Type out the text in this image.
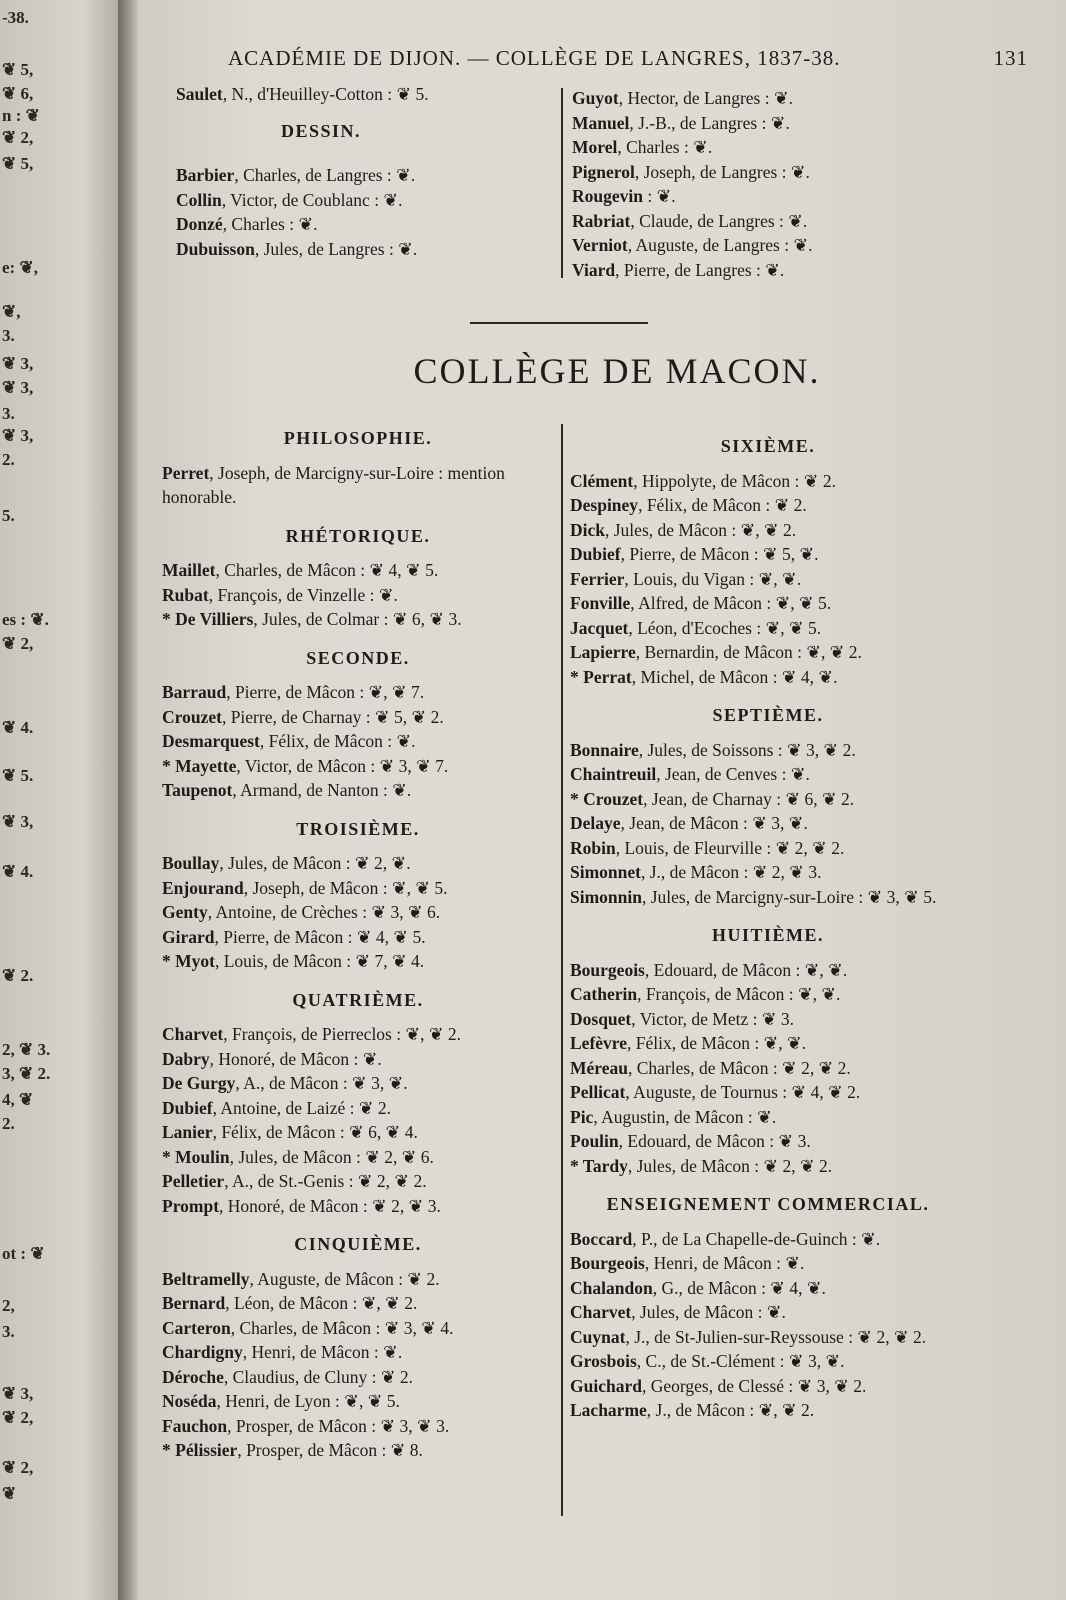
-38.
❦ 5,
❦ 6,
n : ❦
❦ 2,
❦ 5,
e: ❦,
❦,
3.
❦ 3,
❦ 3,
3.
❦ 3,
2.
5.
es : ❦.
❦ 2,
❦ 4.
❦ 5.
❦ 3,
❦ 4.
❦ 2.
2, ❦ 3.
3, ❦ 2.
4, ❦
2.
ot : ❦
2,
3.
❦ 3,
❦ 2,
❦ 2,
❦
ACADÉMIE DE DIJON. — COLLÈGE DE LANGRES, 1837-38.	131
Saulet, N., d'Heuilley-Cotton : ❦ 5.
DESSIN.
Barbier, Charles, de Langres : ❦.
Collin, Victor, de Coublanc : ❦.
Donzé, Charles : ❦.
Dubuisson, Jules, de Langres : ❦.
Guyot, Hector, de Langres : ❦.
Manuel, J.-B., de Langres : ❦.
Morel, Charles : ❦.
Pignerol, Joseph, de Langres : ❦.
Rougevin : ❦.
Rabriat, Claude, de Langres : ❦.
Verniot, Auguste, de Langres : ❦.
Viard, Pierre, de Langres : ❦.
COLLÈGE DE MACON.
PHILOSOPHIE.
Perret, Joseph, de Marcigny-sur-Loire : mention honorable.
RHÉTORIQUE.
Maillet, Charles, de Mâcon : ❦ 4, ❦ 5.
Rubat, François, de Vinzelle : ❦.
* De Villiers, Jules, de Colmar : ❦ 6, ❦ 3.
SECONDE.
Barraud, Pierre, de Mâcon : ❦, ❦ 7.
Crouzet, Pierre, de Charnay : ❦ 5, ❦ 2.
Desmarquest, Félix, de Mâcon : ❦.
* Mayette, Victor, de Mâcon : ❦ 3, ❦ 7.
Taupenot, Armand, de Nanton : ❦.
TROISIÈME.
Boullay, Jules, de Mâcon : ❦ 2, ❦.
Enjourand, Joseph, de Mâcon : ❦, ❦ 5.
Genty, Antoine, de Crèches : ❦ 3, ❦ 6.
Girard, Pierre, de Mâcon : ❦ 4, ❦ 5.
* Myot, Louis, de Mâcon : ❦ 7, ❦ 4.
QUATRIÈME.
Charvet, François, de Pierreclos : ❦, ❦ 2.
Dabry, Honoré, de Mâcon : ❦.
De Gurgy, A., de Mâcon : ❦ 3, ❦.
Dubief, Antoine, de Laizé : ❦ 2.
Lanier, Félix, de Mâcon : ❦ 6, ❦ 4.
* Moulin, Jules, de Mâcon : ❦ 2, ❦ 6.
Pelletier, A., de St.-Genis : ❦ 2, ❦ 2.
Prompt, Honoré, de Mâcon : ❦ 2, ❦ 3.
CINQUIÈME.
Beltramelly, Auguste, de Mâcon : ❦ 2.
Bernard, Léon, de Mâcon : ❦, ❦ 2.
Carteron, Charles, de Mâcon : ❦ 3, ❦ 4.
Chardigny, Henri, de Mâcon : ❦.
Déroche, Claudius, de Cluny : ❦ 2.
Noséda, Henri, de Lyon : ❦, ❦ 5.
Fauchon, Prosper, de Mâcon : ❦ 3, ❦ 3.
* Pélissier, Prosper, de Mâcon : ❦ 8.
SIXIÈME.
Clément, Hippolyte, de Mâcon : ❦ 2.
Despiney, Félix, de Mâcon : ❦ 2.
Dick, Jules, de Mâcon : ❦, ❦ 2.
Dubief, Pierre, de Mâcon : ❦ 5, ❦.
Ferrier, Louis, du Vigan : ❦, ❦.
Fonville, Alfred, de Mâcon : ❦, ❦ 5.
Jacquet, Léon, d'Ecoches : ❦, ❦ 5.
Lapierre, Bernardin, de Mâcon : ❦, ❦ 2.
* Perrat, Michel, de Mâcon : ❦ 4, ❦.
SEPTIÈME.
Bonnaire, Jules, de Soissons : ❦ 3, ❦ 2.
Chaintreuil, Jean, de Cenves : ❦.
* Crouzet, Jean, de Charnay : ❦ 6, ❦ 2.
Delaye, Jean, de Mâcon : ❦ 3, ❦.
Robin, Louis, de Fleurville : ❦ 2, ❦ 2.
Simonnet, J., de Mâcon : ❦ 2, ❦ 3.
Simonnin, Jules, de Marcigny-sur-Loire : ❦ 3, ❦ 5.
HUITIÈME.
Bourgeois, Edouard, de Mâcon : ❦, ❦.
Catherin, François, de Mâcon : ❦, ❦.
Dosquet, Victor, de Metz : ❦ 3.
Lefèvre, Félix, de Mâcon : ❦, ❦.
Méreau, Charles, de Mâcon : ❦ 2, ❦ 2.
Pellicat, Auguste, de Tournus : ❦ 4, ❦ 2.
Pic, Augustin, de Mâcon : ❦.
Poulin, Edouard, de Mâcon : ❦ 3.
* Tardy, Jules, de Mâcon : ❦ 2, ❦ 2.
ENSEIGNEMENT COMMERCIAL.
Boccard, P., de La Chapelle-de-Guinch : ❦.
Bourgeois, Henri, de Mâcon : ❦.
Chalandon, G., de Mâcon : ❦ 4, ❦.
Charvet, Jules, de Mâcon : ❦.
Cuynat, J., de St-Julien-sur-Reyssouse : ❦ 2, ❦ 2.
Grosbois, C., de St.-Clément : ❦ 3, ❦.
Guichard, Georges, de Clessé : ❦ 3, ❦ 2.
Lacharme, J., de Mâcon : ❦, ❦ 2.
